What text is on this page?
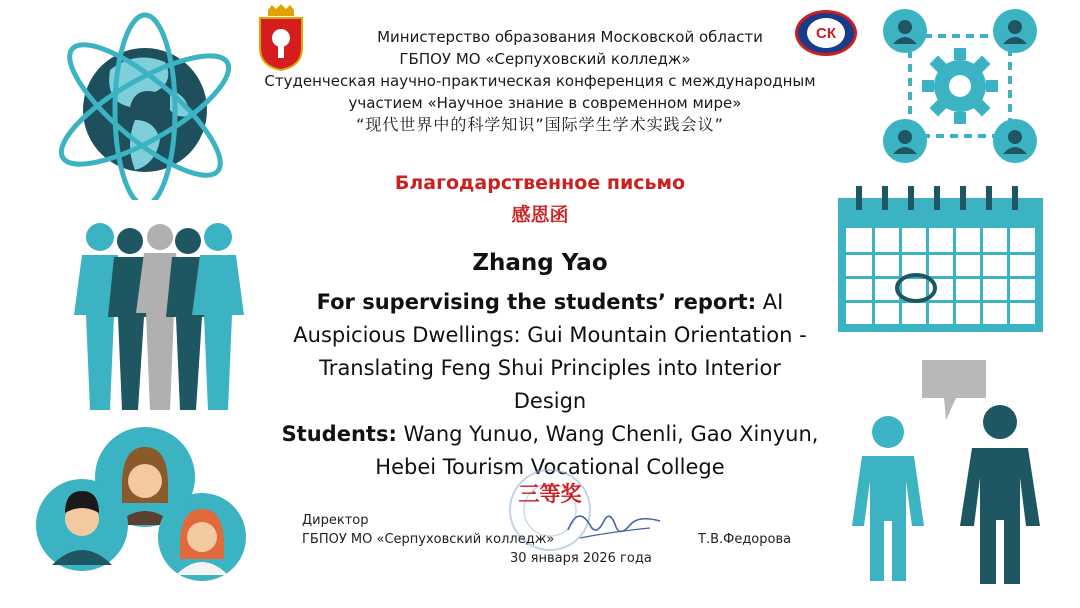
СК
Министерство образования Московской области
ГБПОУ МО «Серпуховский колледж»
Студенческая научно-практическая конференция с международным
участием «Научное знание в современном мире»
“现代世界中的科学知识”国际学生学术实践会议”
Благодарственное письмо
感恩函
Zhang Yao
For supervising the students’ report: AI
Auspicious Dwellings: Gui Mountain Orientation -
Translating Feng Shui Principles into Interior
Design
Students: Wang Yunuo, Wang Chenli, Gao Xinyun,
Hebei Tourism Vocational College
三等奖
Директор
ГБПОУ МО «Серпуховский колледж»	Т.В.Федорова
30 января 2026 года
